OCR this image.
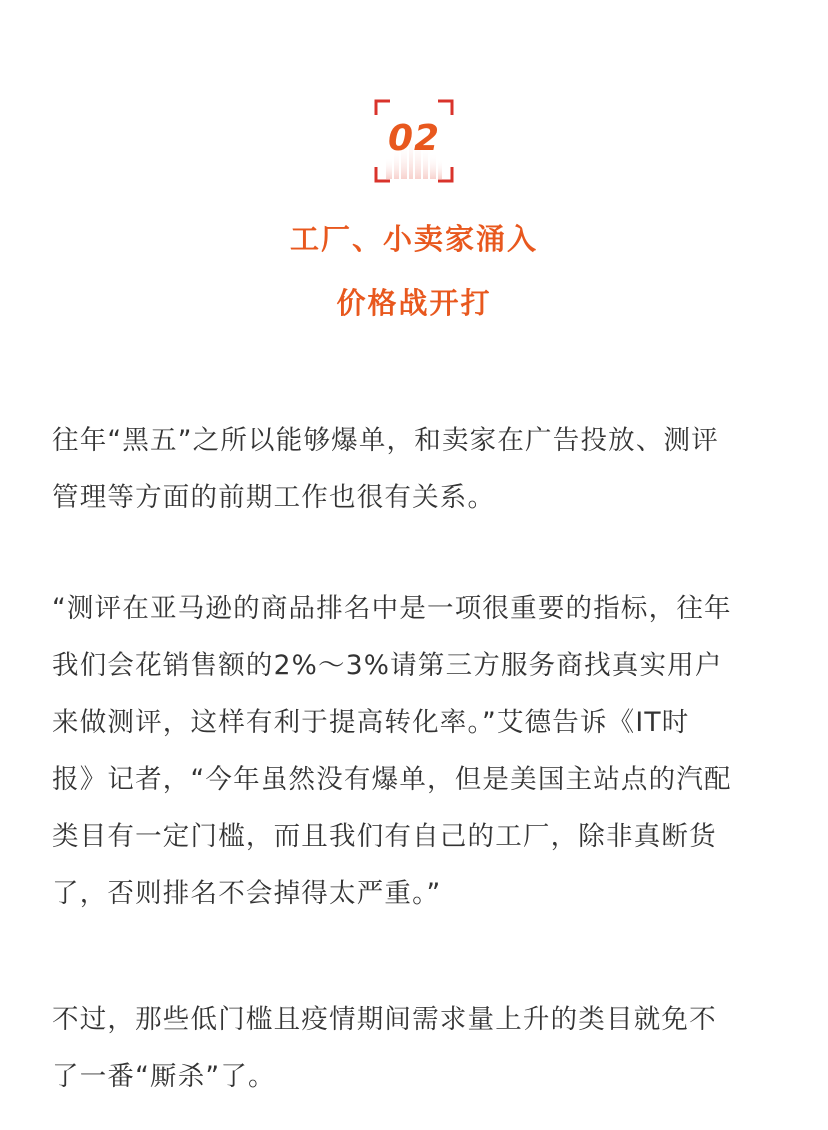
02
工厂、小卖家涌入
价格战开打
往年“黑五”之所以能够爆单，和卖家在广告投放、测评
管理等方面的前期工作也很有关系。
“测评在亚马逊的商品排名中是一项很重要的指标，往年
我们会花销售额的2%～3%请第三方服务商找真实用户
来做测评，这样有利于提高转化率。”艾德告诉《IT时
报》记者，“今年虽然没有爆单，但是美国主站点的汽配
类目有一定门槛，而且我们有自己的工厂，除非真断货
了，否则排名不会掉得太严重。”
不过，那些低门槛且疫情期间需求量上升的类目就免不
了一番“厮杀”了。
